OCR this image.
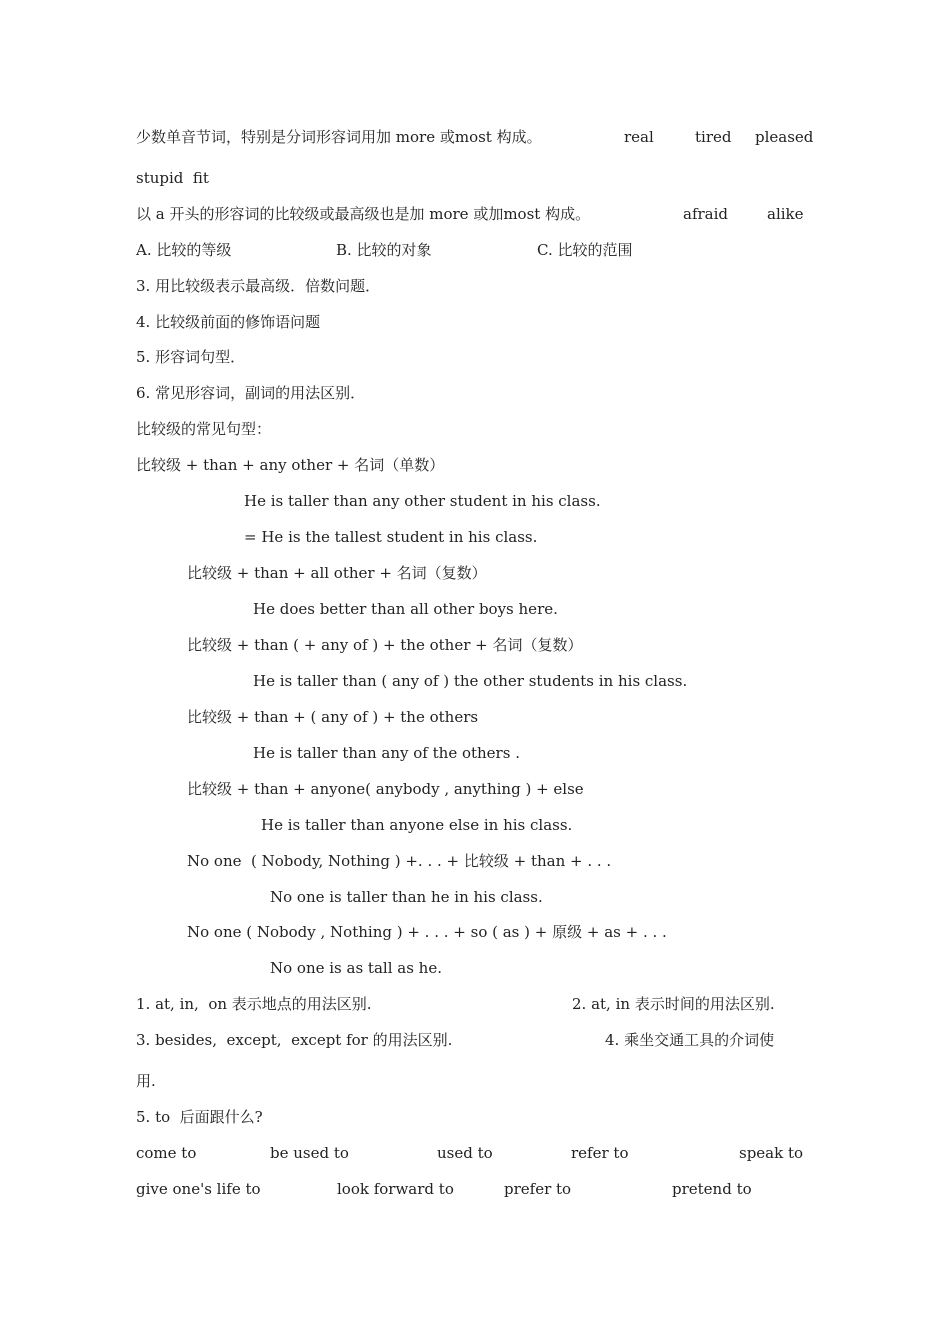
少数单音节词，特别是分词形容词用加 more 或most 构成。	real	tired pleased
stupid  fit
以 a 开头的形容词的比较级或最高级也是加 more 或加most 构成。	afraid	alike
A. 比较的等级	B. 比较的对象	C. 比较的范围
3. 用比较级表示最高级．倍数问题．
4. 比较级前面的修饰语问题
5. 形容词句型．
6. 常见形容词，副词的用法区别．
比较级的常见句型：
比较级 + than + any other + 名词（单数）
He is taller than any other student in his class.
= He is the tallest student in his class.
比较级 + than + all other + 名词（复数）
He does better than all other boys here.
比较级 + than ( + any of ) + the other + 名词（复数）
He is taller than ( any of ) the other students in his class.
比较级 + than + ( any of ) + the others
He is taller than any of the others .
比较级 + than + anyone( anybody , anything ) + else
He is taller than anyone else in his class.
No one  ( Nobody, Nothing ) +. . . + 比较级 + than + . . .
No one is taller than he in his class.
No one ( Nobody , Nothing ) + . . . + so ( as ) + 原级 + as + . . .
No one is as tall as he.
1. at, in,  on 表示地点的用法区别.	2. at, in 表示时间的用法区别.
3. besides,  except,  except for 的用法区别.	4. 乘坐交通工具的介词使
用.
5. to  后面跟什么?
come to	be used to	used to	refer to	speak to
give one's life to	look forward to	prefer to	pretend to
